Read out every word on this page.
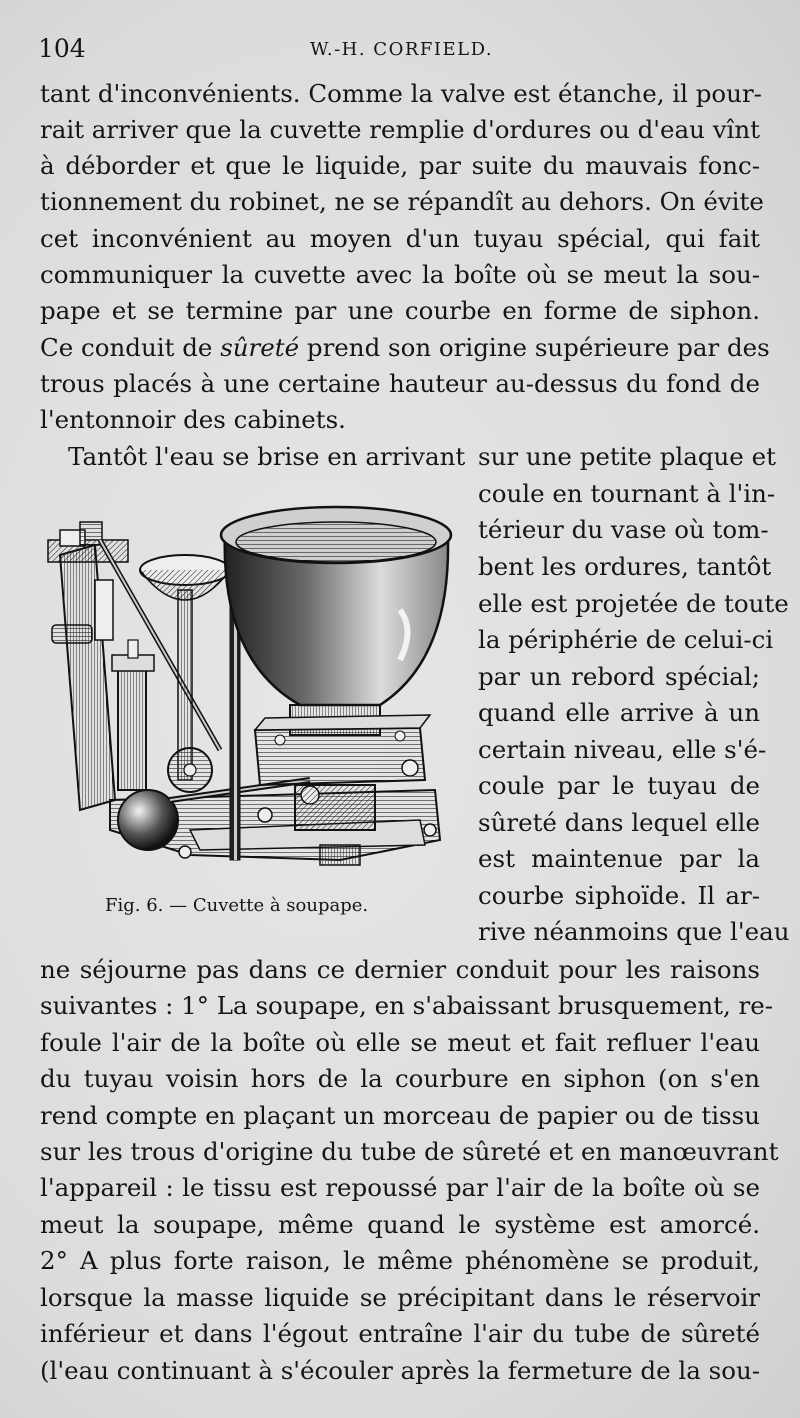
104	W.-H. CORFIELD.
tant d'inconvénients. Comme la valve est étanche, il pour-
rait arriver que la cuvette remplie d'ordures ou d'eau vînt
à déborder et que le liquide, par suite du mauvais fonc-
tionnement du robinet, ne se répandît au dehors. On évite
cet inconvénient au moyen d'un tuyau spécial, qui fait
communiquer la cuvette avec la boîte où se meut la sou-
pape et se termine par une courbe en forme de siphon.
Ce conduit de sûreté prend son origine supérieure par des
trous placés à une certaine hauteur au-dessus du fond de
l'entonnoir des cabinets.
Tantôt l'eau se brise en arrivant sur une petite plaque et
coule en tournant à l'in-
térieur du vase où tom-
bent les ordures, tantôt
elle est projetée de toute
la périphérie de celui-ci
par un rebord spécial;
quand elle arrive à un
certain niveau, elle s'é-
coule par le tuyau de
sûreté dans lequel elle
est maintenue par la
courbe siphoïde. Il ar-
rive néanmoins que l'eau
Fig. 6. — Cuvette à soupape.
ne séjourne pas dans ce dernier conduit pour les raisons
suivantes : 1° La soupape, en s'abaissant brusquement, re-
foule l'air de la boîte où elle se meut et fait refluer l'eau
du tuyau voisin hors de la courbure en siphon (on s'en
rend compte en plaçant un morceau de papier ou de tissu
sur les trous d'origine du tube de sûreté et en manœuvrant
l'appareil : le tissu est repoussé par l'air de la boîte où se
meut la soupape, même quand le système est amorcé.
2° A plus forte raison, le même phénomène se produit,
lorsque la masse liquide se précipitant dans le réservoir
inférieur et dans l'égout entraîne l'air du tube de sûreté
(l'eau continuant à s'écouler après la fermeture de la sou-
